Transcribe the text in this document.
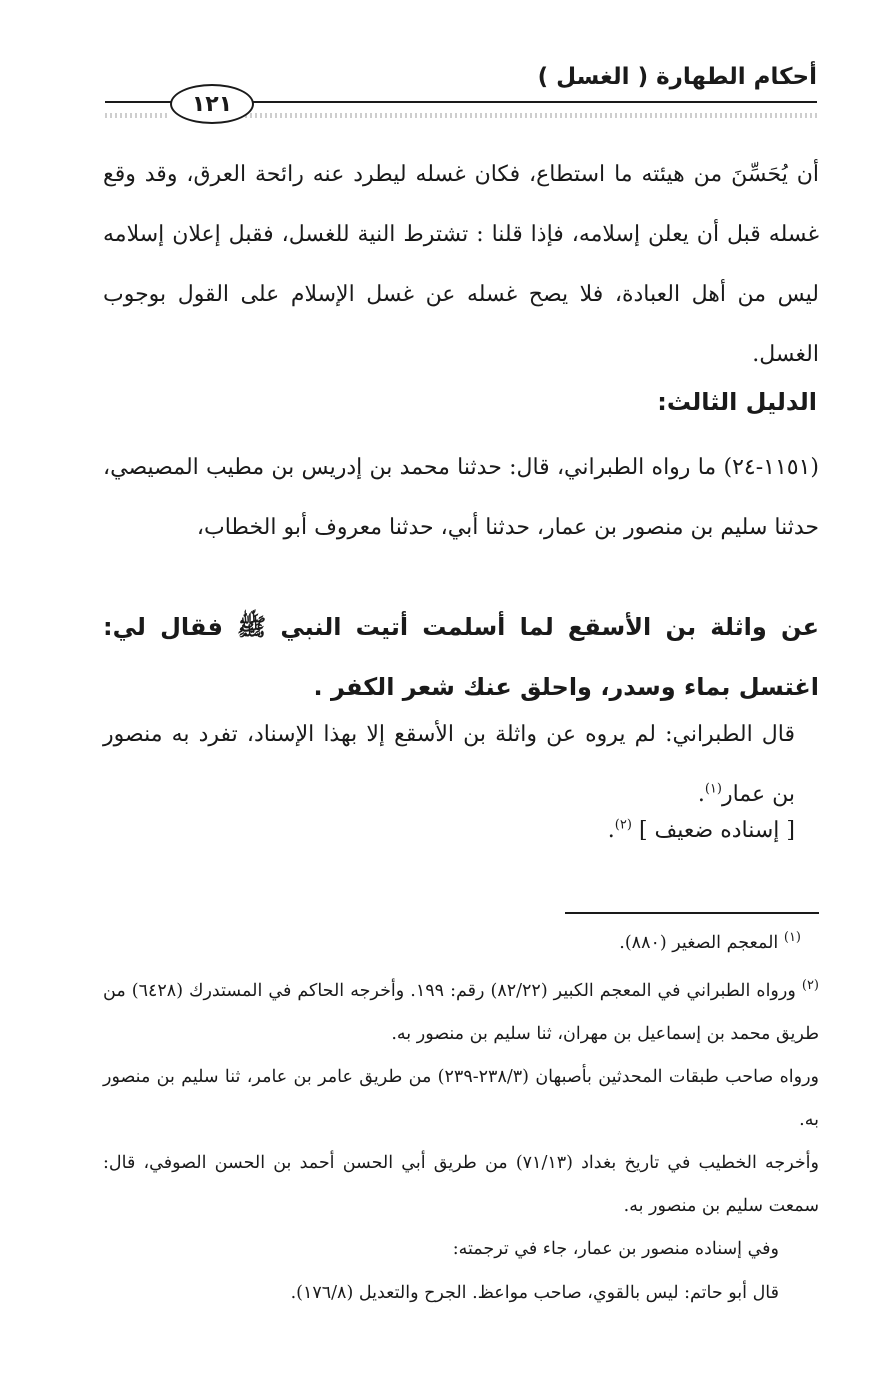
أحكام الطهارة ( الغسل )
١٢١
أن يُحَسِّنَ من هيئته ما استطاع، فكان غسله ليطرد عنه رائحة العرق، وقد وقع غسله قبل أن يعلن إسلامه، فإذا قلنا : تشترط النية للغسل، فقبل إعلان إسلامه ليس من أهل العبادة، فلا يصح غسله عن غسل الإسلام على القول بوجوب الغسل.
الدليل الثالث:
(١١٥١-٢٤) ما رواه الطبراني، قال: حدثنا محمد بن إدريس بن مطيب المصيصي، حدثنا سليم بن منصور بن عمار، حدثنا أبي، حدثنا معروف أبو الخطاب،
عن واثلة بن الأسقع لما أسلمت أتيت النبي ﷺ فقال لي: اغتسل بماء وسدر، واحلق عنك شعر الكفر .
قال الطبراني: لم يروه عن واثلة بن الأسقع إلا بهذا الإسناد، تفرد به منصور بن عمار$^{(١)}$.
[ إسناده ضعيف ] $^{(٢)}$.
$^{(١)}$ المعجم الصغير (٨٨٠).
$^{(٢)}$ ورواه الطبراني في المعجم الكبير (٨٢/٢٢) رقم: ١٩٩. وأخرجه الحاكم في المستدرك (٦٤٢٨) من طريق محمد بن إسماعيل بن مهران، ثنا سليم بن منصور به.
ورواه صاحب طبقات المحدثين بأصبهان (٢٣٨/٣-٢٣٩) من طريق عامر بن عامر، ثنا سليم بن منصور به.
وأخرجه الخطيب في تاريخ بغداد (٧١/١٣) من طريق أبي الحسن أحمد بن الحسن الصوفي، قال: سمعت سليم بن منصور به.
وفي إسناده منصور بن عمار، جاء في ترجمته:
قال أبو حاتم: ليس بالقوي، صاحب مواعظ. الجرح والتعديل (١٧٦/٨).
